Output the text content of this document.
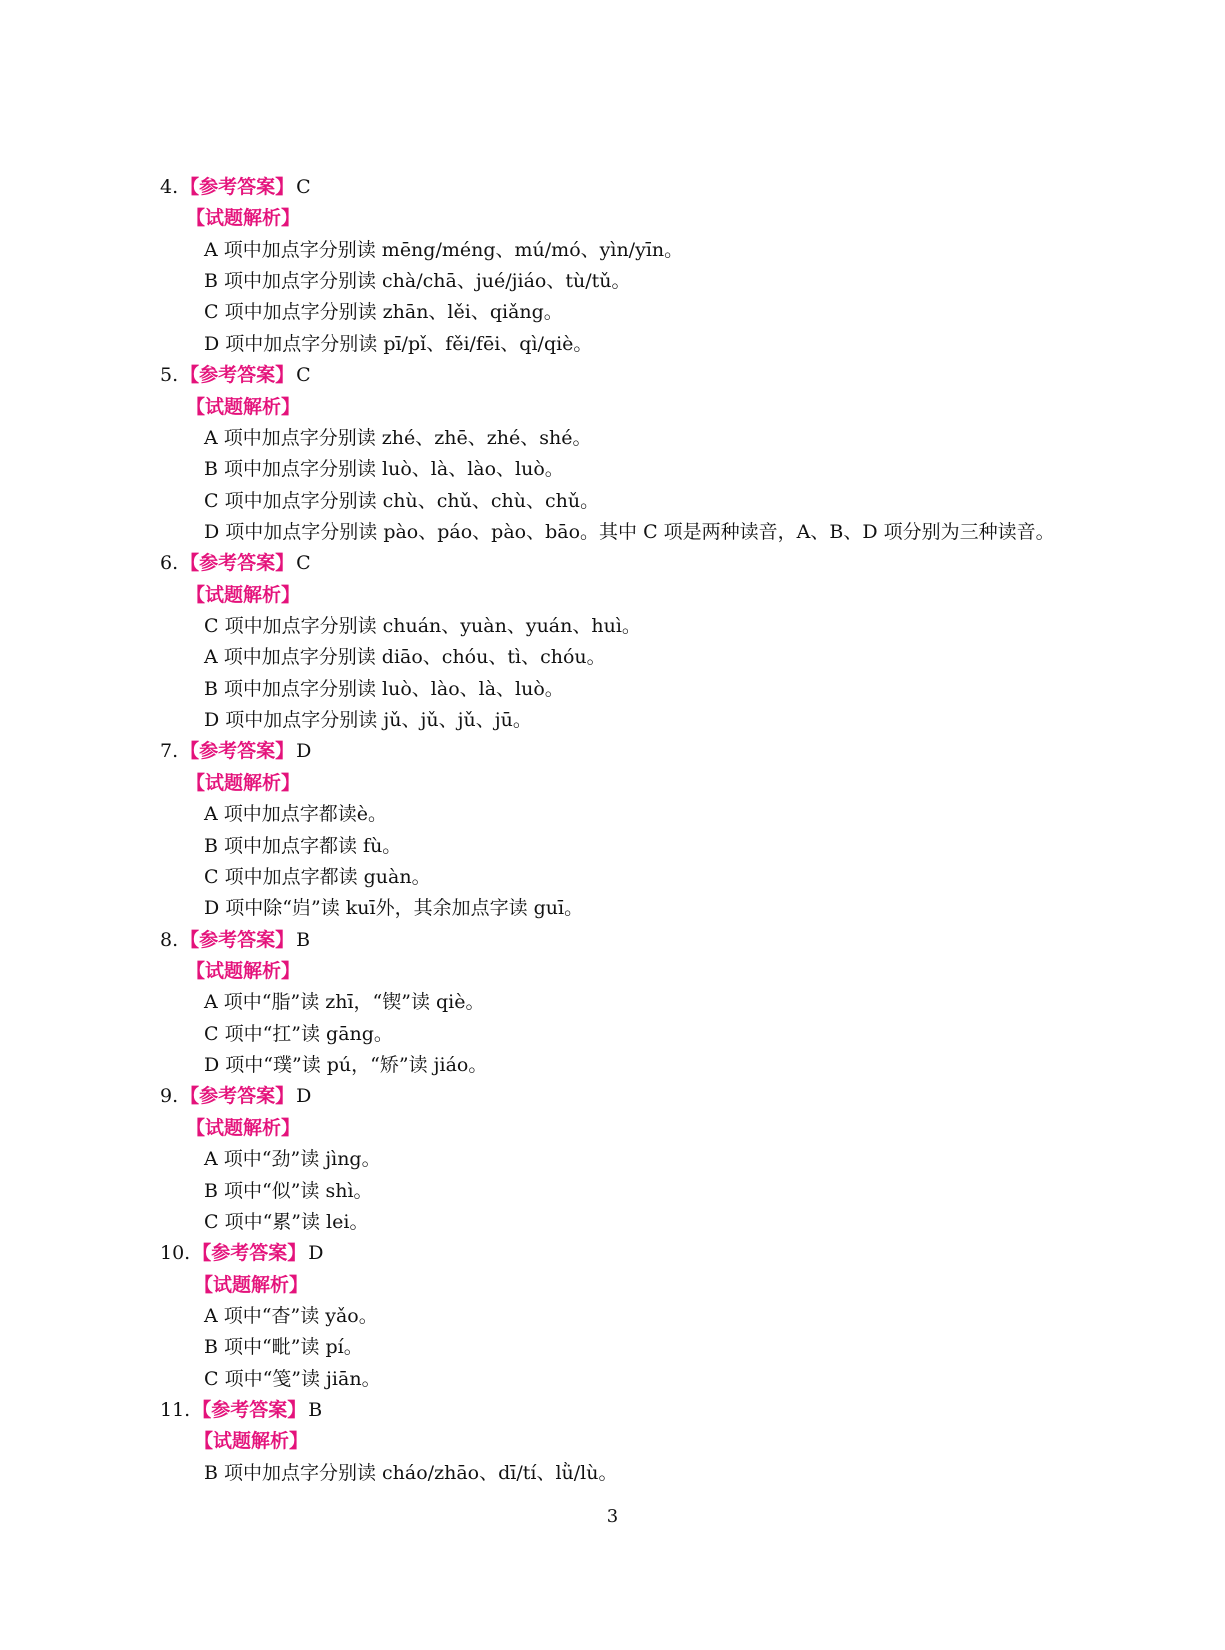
4. 【参考答案】 C
【试题解析】
A 项中加点字分别读 mēng/méng、mú/mó、yìn/yīn。
B 项中加点字分别读 chà/chā、jué/jiáo、tù/tǔ。
C 项中加点字分别读 zhān、lěi、qiǎng。
D 项中加点字分别读 pī/pǐ、fěi/fēi、qì/qiè。
5. 【参考答案】 C
【试题解析】
A 项中加点字分别读 zhé、zhē、zhé、shé。
B 项中加点字分别读 luò、là、lào、luò。
C 项中加点字分别读 chù、chǔ、chù、chǔ。
D 项中加点字分别读 pào、páo、pào、bāo。其中 C 项是两种读音，A、B、D 项分别为三种读音。
6. 【参考答案】 C
【试题解析】
C 项中加点字分别读 chuán、yuàn、yuán、huì。
A 项中加点字分别读 diāo、chóu、tì、chóu。
B 项中加点字分别读 luò、lào、là、luò。
D 项中加点字分别读 jǔ、jǔ、jǔ、jū。
7. 【参考答案】 D
【试题解析】
A 项中加点字都读è。
B 项中加点字都读 fù。
C 项中加点字都读 guàn。
D 项中除“岿”读 kuī外，其余加点字读 guī。
8. 【参考答案】 B
【试题解析】
A 项中“脂”读 zhī，“锲”读 qiè。
C 项中“扛”读 gāng。
D 项中“璞”读 pú，“矫”读 jiáo。
9. 【参考答案】 D
【试题解析】
A 项中“劲”读 jìng。
B 项中“似”读 shì。
C 项中“累”读 lei。
10. 【参考答案】 D
【试题解析】
A 项中“杳”读 yǎo。
B 项中“毗”读 pí。
C 项中“笺”读 jiān。
11. 【参考答案】 B
【试题解析】
B 项中加点字分别读 cháo/zhāo、dī/tí、lǜ/lù。
3
